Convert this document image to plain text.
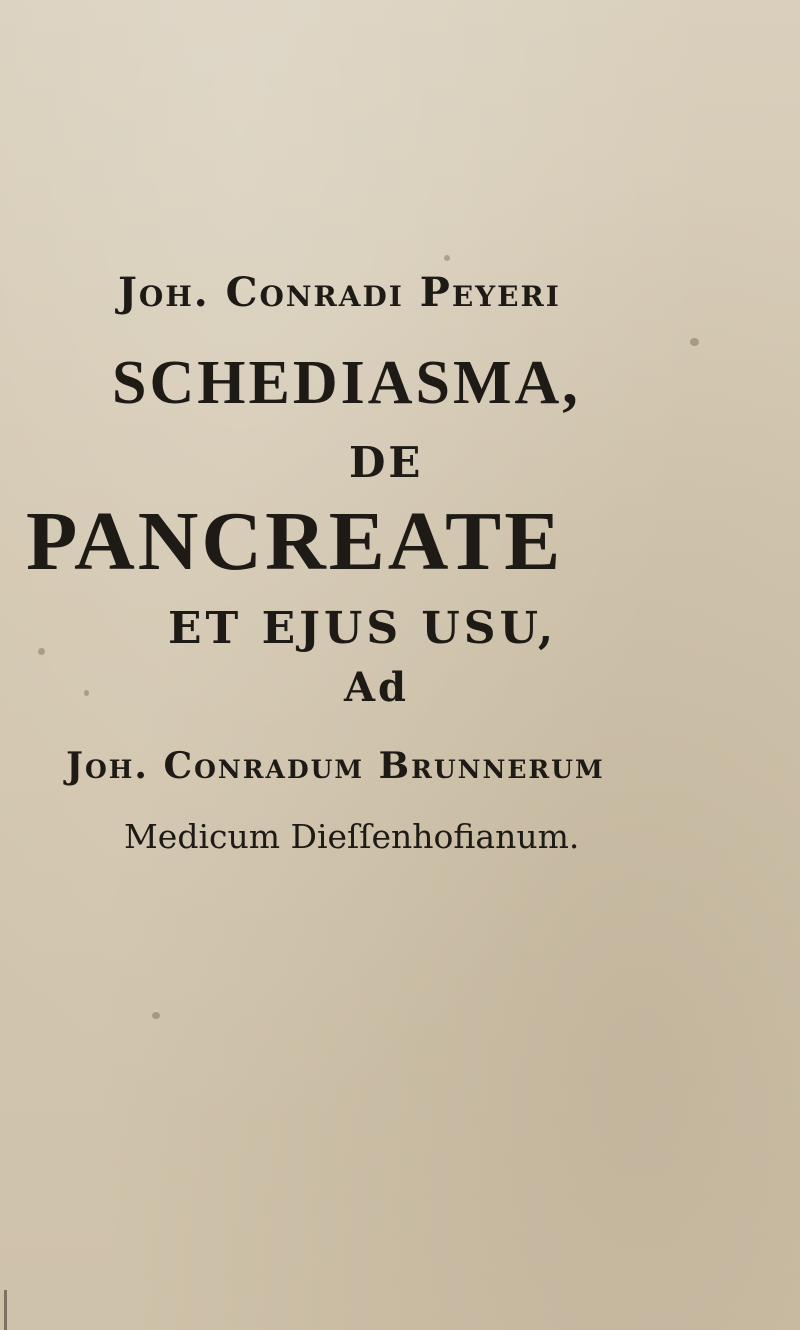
Joh. Conradi Peyeri
SCHEDIASMA,
DE
PANCREATE
ET EJUS USU,
Ad
Joh. Conradum Brunnerum
Medicum Dieſſenhofianum.
